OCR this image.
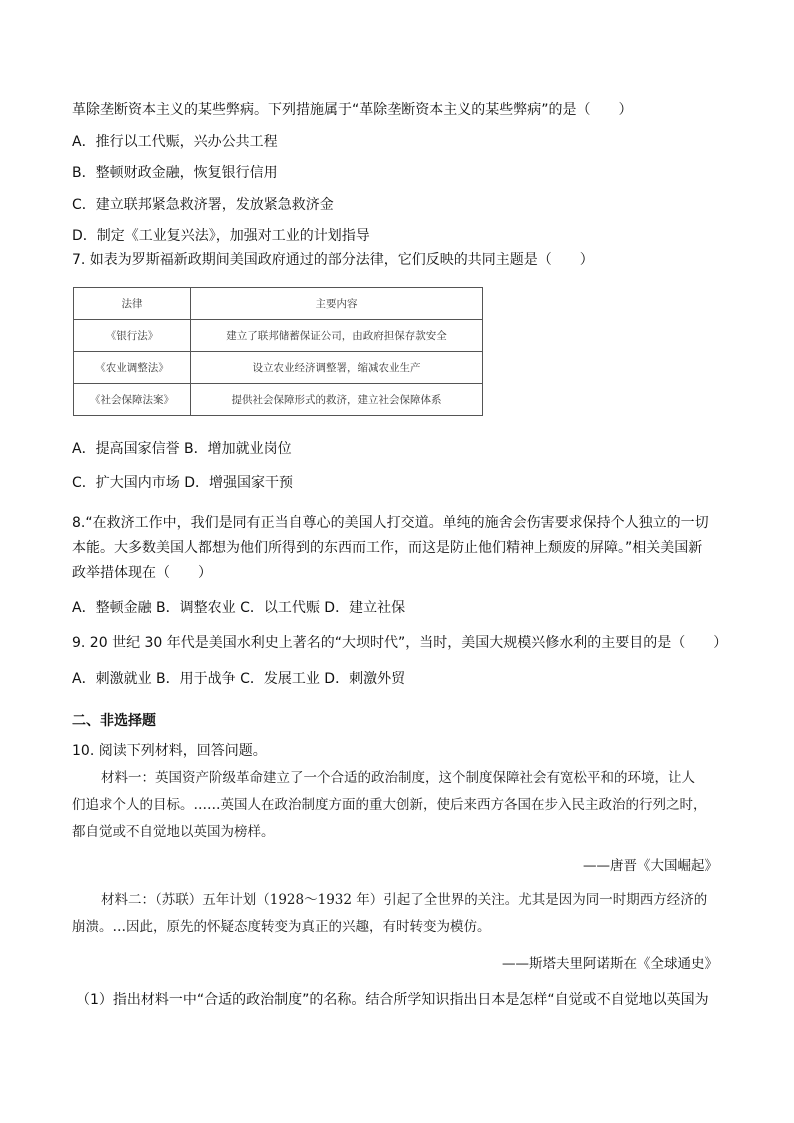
革除垄断资本主义的某些弊病。下列措施属于“革除垄断资本主义的某些弊病”的是（　　）
A．推行以工代赈，兴办公共工程
B．整顿财政金融，恢复银行信用
C．建立联邦紧急救济署，发放紧急救济金
D．制定《工业复兴法》，加强对工业的计划指导
7. 如表为罗斯福新政期间美国政府通过的部分法律，它们反映的共同主题是（　　）
法律	主要内容
《银行法》	建立了联邦储蓄保证公司，由政府担保存款安全
《农业调整法》	设立农业经济调整署，缩减农业生产
《社会保障法案》	提供社会保障形式的救济，建立社会保障体系
A．提高国家信誉 B．增加就业岗位
C．扩大国内市场 D．增强国家干预
8.“在救济工作中，我们是同有正当自尊心的美国人打交道。单纯的施舍会伤害要求保持个人独立的一切
本能。大多数美国人都想为他们所得到的东西而工作，而这是防止他们精神上颓废的屏障。”相关美国新
政举措体现在（　　）
A．整顿金融 B．调整农业 C．以工代赈 D．建立社保
9. 20 世纪 30 年代是美国水利史上著名的“大坝时代”，当时，美国大规模兴修水利的主要目的是（　　）
A．刺激就业 B．用于战争 C．发展工业 D．刺激外贸
二、非选择题
10. 阅读下列材料，回答问题。
材料一：英国资产阶级革命建立了一个合适的政治制度，这个制度保障社会有宽松平和的环境，让人
们追求个人的目标。……英国人在政治制度方面的重大创新，使后来西方各国在步入民主政治的行列之时，
都自觉或不自觉地以英国为榜样。
——唐晋《大国崛起》
材料二：（苏联）五年计划（1928～1932 年）引起了全世界的关注。尤其是因为同一时期西方经济的
崩溃。…因此，原先的怀疑态度转变为真正的兴趣，有时转变为模仿。
——斯塔夫里阿诺斯在《全球通史》
（1）指出材料一中“合适的政治制度”的名称。结合所学知识指出日本是怎样“自觉或不自觉地以英国为
